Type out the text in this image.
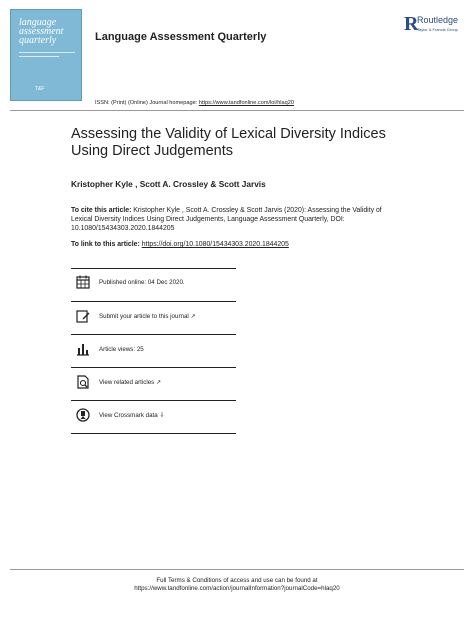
language
assessment
quarterly
T&F
Language Assessment Quarterly
R
Routledge
Taylor & Francis Group
ISSN: (Print) (Online) Journal homepage: https://www.tandfonline.com/loi/hlaq20
Assessing the Validity of Lexical Diversity Indices Using Direct Judgements
Kristopher Kyle , Scott A. Crossley & Scott Jarvis
To cite this article: Kristopher Kyle , Scott A. Crossley & Scott Jarvis (2020): Assessing the Validity of Lexical Diversity Indices Using Direct Judgements, Language Assessment Quarterly, DOI: 10.1080/15434303.2020.1844205
To link to this article: https://doi.org/10.1080/15434303.2020.1844205
Published online: 04 Dec 2020.
Submit your article to this journal ↗
Article views: 25
View related articles ↗
View Crossmark data ⇩
Full Terms & Conditions of access and use can be found at
https://www.tandfonline.com/action/journalInformation?journalCode=hlaq20
